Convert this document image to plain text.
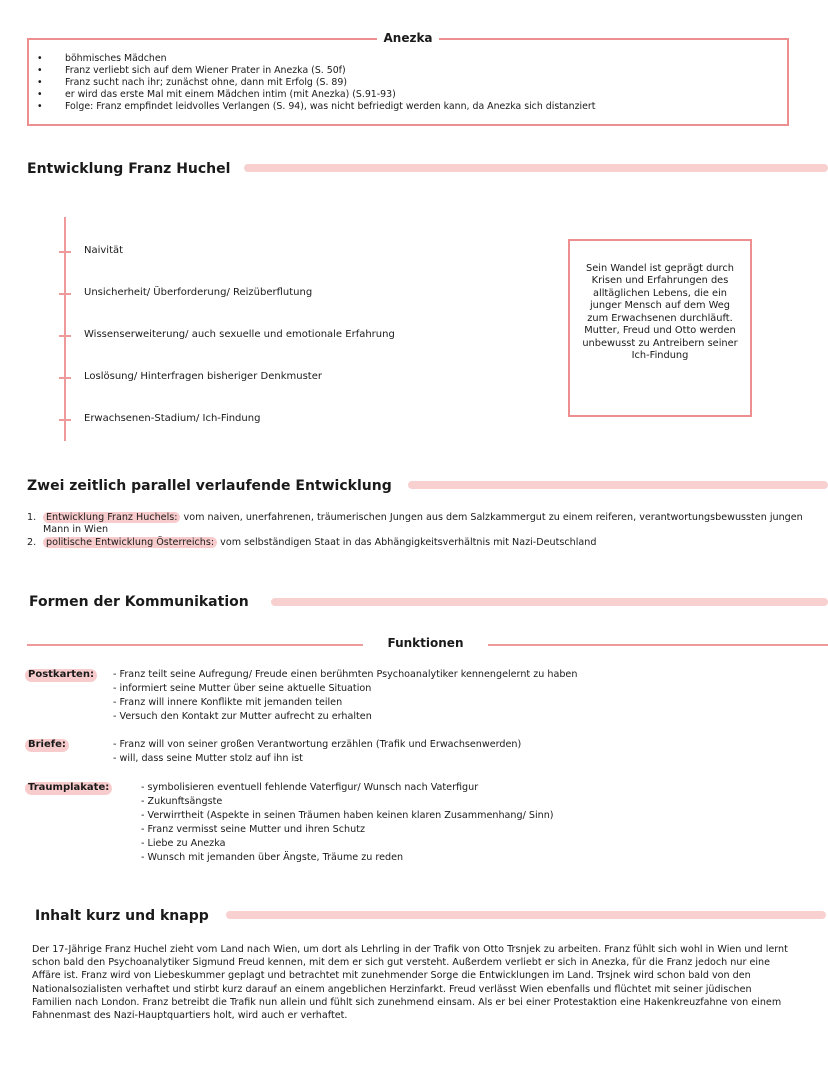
Anezka
• böhmisches Mädchen
• Franz verliebt sich auf dem Wiener Prater in Anezka (S. 50f)
• Franz sucht nach ihr; zunächst ohne, dann mit Erfolg (S. 89)
• er wird das erste Mal mit einem Mädchen intim (mit Anezka) (S.91-93)
• Folge: Franz empfindet leidvolles Verlangen (S. 94), was nicht befriedigt werden kann, da Anezka sich distanziert
Entwicklung Franz Huchel
Naivität
Unsicherheit/ Überforderung/ Reizüberflutung
Wissenserweiterung/ auch sexuelle und emotionale Erfahrung
Loslösung/ Hinterfragen bisheriger Denkmuster
Erwachsenen-Stadium/ Ich-Findung
Sein Wandel ist geprägt durch Krisen und Erfahrungen des alltäglichen Lebens, die ein junger Mensch auf dem Weg zum Erwachsenen durchläuft. Mutter, Freud und Otto werden unbewusst zu Antreibern seiner Ich-Findung
Zwei zeitlich parallel verlaufende Entwicklung
1. Entwicklung Franz Huchels: vom naiven, unerfahrenen, träumerischen Jungen aus dem Salzkammergut zu einem reiferen, verantwortungsbewussten jungen Mann in Wien
2. politische Entwicklung Österreichs: vom selbständigen Staat in das Abhängigkeitsverhältnis mit Nazi-Deutschland
Formen der Kommunikation
Funktionen
Postkarten:	- Franz teilt seine Aufregung/ Freude einen berühmten Psychoanalytiker kennengelernt zu haben
- informiert seine Mutter über seine aktuelle Situation
- Franz will innere Konflikte mit jemanden teilen
- Versuch den Kontakt zur Mutter aufrecht zu erhalten
Briefe:	- Franz will von seiner großen Verantwortung erzählen (Trafik und Erwachsenwerden)
- will, dass seine Mutter stolz auf ihn ist
Traumplakate:	- symbolisieren eventuell fehlende Vaterfigur/ Wunsch nach Vaterfigur
- Zukunftsängste
- Verwirrtheit (Aspekte in seinen Träumen haben keinen klaren Zusammenhang/ Sinn)
- Franz vermisst seine Mutter und ihren Schutz
- Liebe zu Anezka
- Wunsch mit jemanden über Ängste, Träume zu reden
Inhalt kurz und knapp
Der 17-Jährige Franz Huchel zieht vom Land nach Wien, um dort als Lehrling in der Trafik von Otto Trsnjek zu arbeiten. Franz fühlt sich wohl in Wien und lernt schon bald den Psychoanalytiker Sigmund Freud kennen, mit dem er sich gut versteht. Außerdem verliebt er sich in Anezka, für die Franz jedoch nur eine Affäre ist. Franz wird von Liebeskummer geplagt und betrachtet mit zunehmender Sorge die Entwicklungen im Land. Trsjnek wird schon bald von den Nationalsozialisten verhaftet und stirbt kurz darauf an einem angeblichen Herzinfarkt. Freud verlässt Wien ebenfalls und flüchtet mit seiner jüdischen Familien nach London. Franz betreibt die Trafik nun allein und fühlt sich zunehmend einsam. Als er bei einer Protestaktion eine Hakenkreuzfahne von einem Fahnenmast des Nazi-Hauptquartiers holt, wird auch er verhaftet.
